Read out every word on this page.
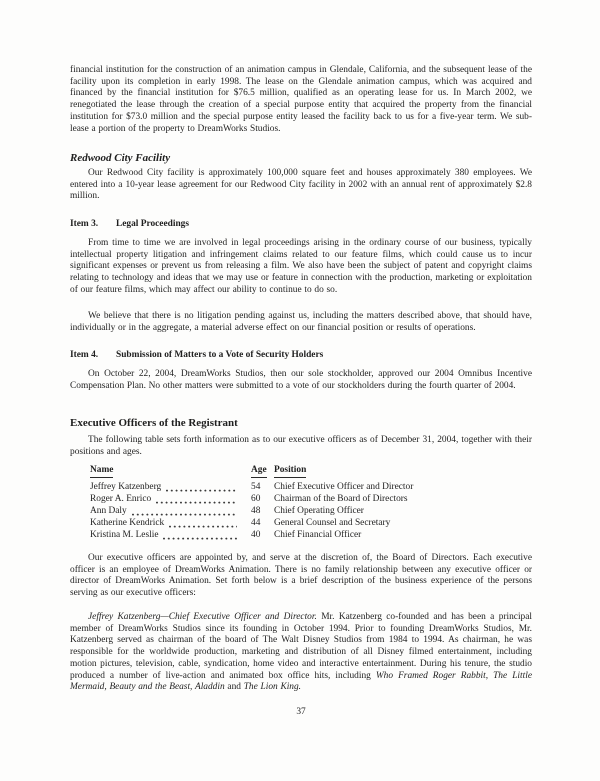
financial institution for the construction of an animation campus in Glendale, California, and the subsequent lease of the facility upon its completion in early 1998. The lease on the Glendale animation campus, which was acquired and financed by the financial institution for $76.5 million, qualified as an operating lease for us. In March 2002, we renegotiated the lease through the creation of a special purpose entity that acquired the property from the financial institution for $73.0 million and the special purpose entity leased the facility back to us for a five-year term. We sub-lease a portion of the property to DreamWorks Studios.

Redwood City Facility

Our Redwood City facility is approximately 100,000 square feet and houses approximately 380 employees. We entered into a 10-year lease agreement for our Redwood City facility in 2002 with an annual rent of approximately $2.8 million.

Item 3.	Legal Proceedings

From time to time we are involved in legal proceedings arising in the ordinary course of our business, typically intellectual property litigation and infringement claims related to our feature films, which could cause us to incur significant expenses or prevent us from releasing a film. We also have been the subject of patent and copyright claims relating to technology and ideas that we may use or feature in connection with the production, marketing or exploitation of our feature films, which may affect our ability to continue to do so.

We believe that there is no litigation pending against us, including the matters described above, that should have, individually or in the aggregate, a material adverse effect on our financial position or results of operations.

Item 4.	Submission of Matters to a Vote of Security Holders

On October 22, 2004, DreamWorks Studios, then our sole stockholder, approved our 2004 Omnibus Incentive Compensation Plan. No other matters were submitted to a vote of our stockholders during the fourth quarter of 2004.

Executive Officers of the Registrant

The following table sets forth information as to our executive officers as of December 31, 2004, together with their positions and ages.

Name	Age Position
Jeffrey Katzenberg	54 Chief Executive Officer and Director
Roger A. Enrico	60 Chairman of the Board of Directors
Ann Daly	48 Chief Operating Officer
Katherine Kendrick	44 General Counsel and Secretary
Kristina M. Leslie	40 Chief Financial Officer

Our executive officers are appointed by, and serve at the discretion of, the Board of Directors. Each executive officer is an employee of DreamWorks Animation. There is no family relationship between any executive officer or director of DreamWorks Animation. Set forth below is a brief description of the business experience of the persons serving as our executive officers:

Jeffrey Katzenberg—Chief Executive Officer and Director. Mr. Katzenberg co-founded and has been a principal member of DreamWorks Studios since its founding in October 1994. Prior to founding DreamWorks Studios, Mr. Katzenberg served as chairman of the board of The Walt Disney Studios from 1984 to 1994. As chairman, he was responsible for the worldwide production, marketing and distribution of all Disney filmed entertainment, including motion pictures, television, cable, syndication, home video and interactive entertainment. During his tenure, the studio produced a number of live-action and animated box office hits, including Who Framed Roger Rabbit, The Little Mermaid, Beauty and the Beast, Aladdin and The Lion King.

37
